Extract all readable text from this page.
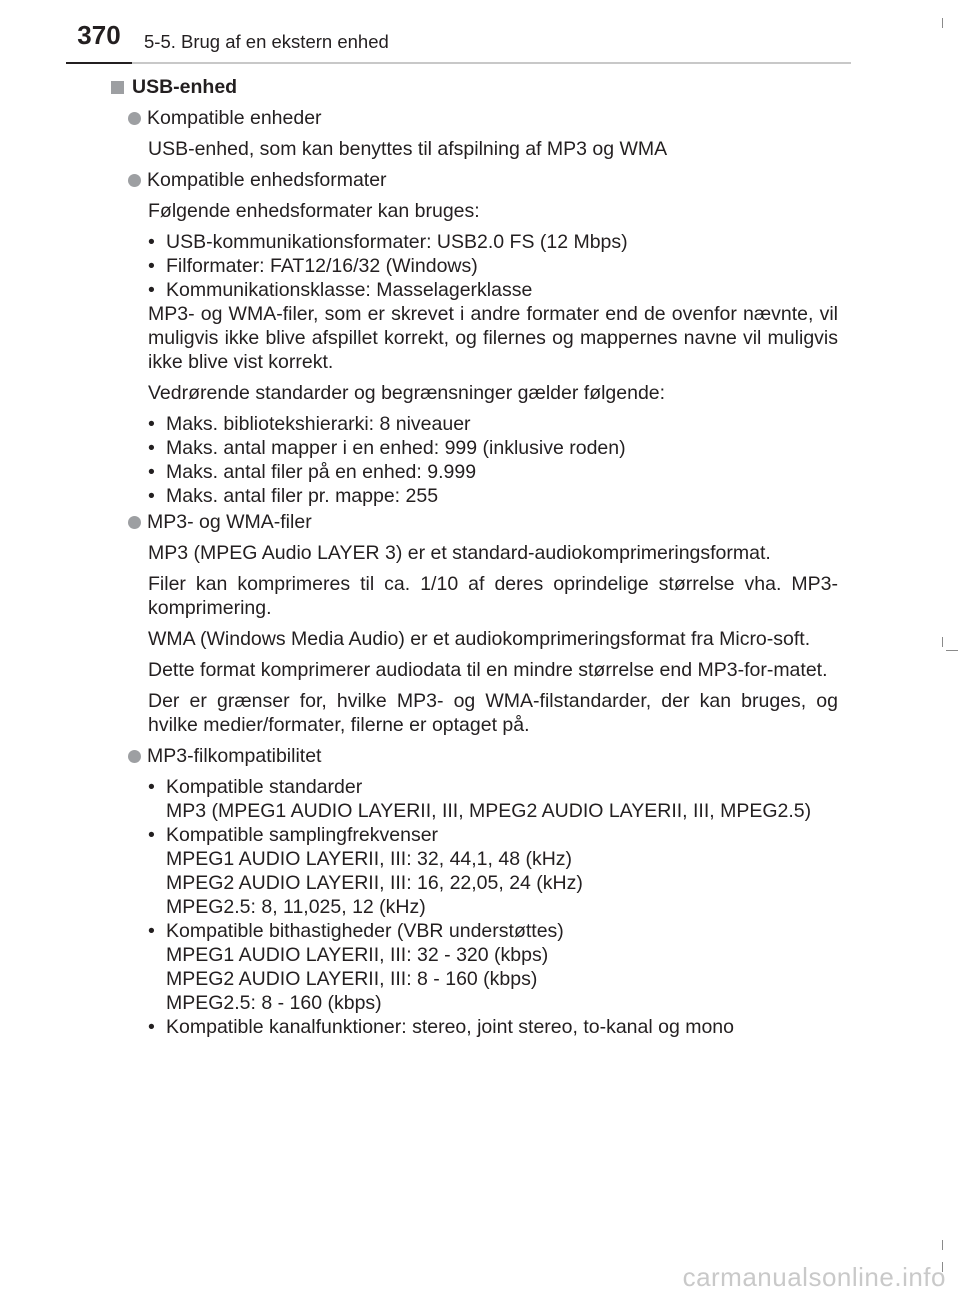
370	5-5. Brug af en ekstern enhed
USB-enhed
Kompatible enheder
USB-enhed, som kan benyttes til afspilning af MP3 og WMA
Kompatible enhedsformater
Følgende enhedsformater kan bruges:
• USB-kommunikationsformater: USB2.0 FS (12 Mbps)
• Filformater: FAT12/16/32 (Windows)
• Kommunikationsklasse: Masselagerklasse
MP3- og WMA-filer, som er skrevet i andre formater end de ovenfor nævnte, vil muligvis ikke blive afspillet korrekt, og filernes og mappernes navne vil muligvis ikke blive vist korrekt.
Vedrørende standarder og begrænsninger gælder følgende:
• Maks. bibliotekshierarki: 8 niveauer
• Maks. antal mapper i en enhed: 999 (inklusive roden)
• Maks. antal filer på en enhed: 9.999
• Maks. antal filer pr. mappe: 255
MP3- og WMA-filer
MP3 (MPEG Audio LAYER 3) er et standard-audiokomprimeringsformat.
Filer kan komprimeres til ca. 1/10 af deres oprindelige størrelse vha. MP3-komprimering.
WMA (Windows Media Audio) er et audiokomprimeringsformat fra Micro-soft.
Dette format komprimerer audiodata til en mindre størrelse end MP3-for-matet.
Der er grænser for, hvilke MP3- og WMA-filstandarder, der kan bruges, og hvilke medier/formater, filerne er optaget på.
MP3-filkompatibilitet
• Kompatible standarder
MP3 (MPEG1 AUDIO LAYERII, III, MPEG2 AUDIO LAYERII, III, MPEG2.5)
• Kompatible samplingfrekvenser
MPEG1 AUDIO LAYERII, III: 32, 44,1, 48 (kHz)
MPEG2 AUDIO LAYERII, III: 16, 22,05, 24 (kHz)
MPEG2.5: 8, 11,025, 12 (kHz)
• Kompatible bithastigheder (VBR understøttes)
MPEG1 AUDIO LAYERII, III: 32 - 320 (kbps)
MPEG2 AUDIO LAYERII, III: 8 - 160 (kbps)
MPEG2.5: 8 - 160 (kbps)
• Kompatible kanalfunktioner: stereo, joint stereo, to-kanal og mono
carmanualsonline.info
